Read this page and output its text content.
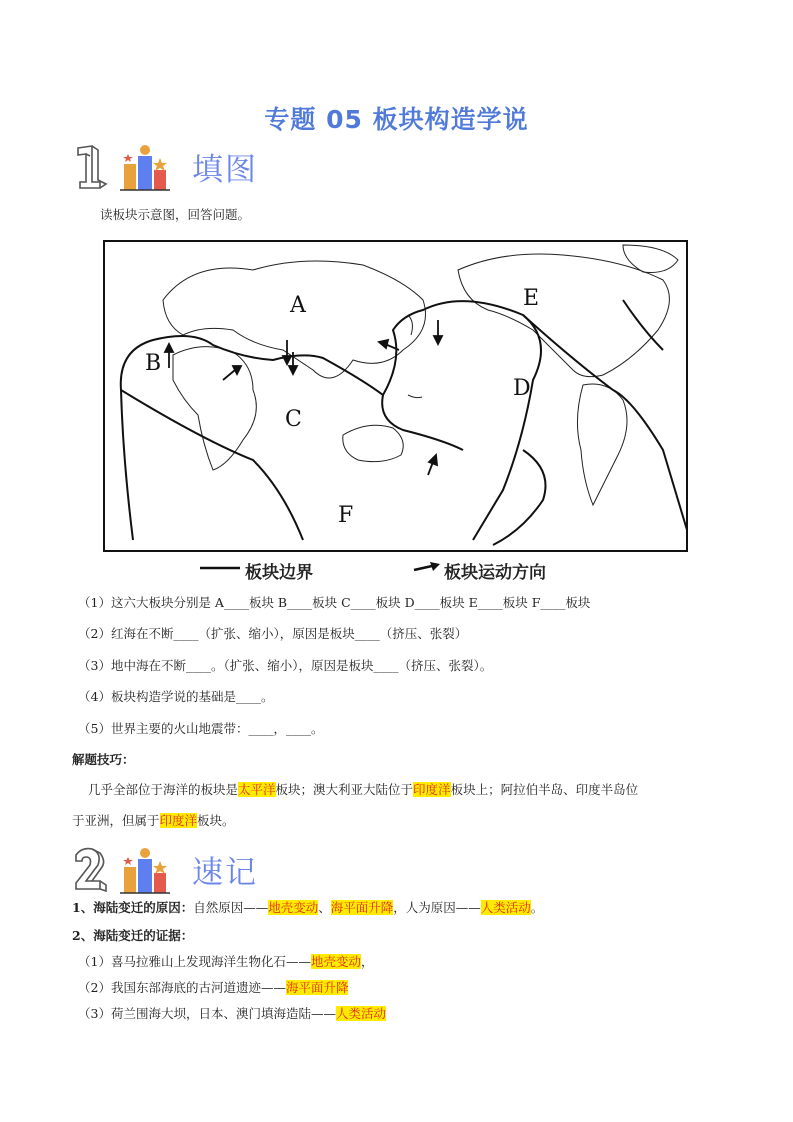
专题 05 板块构造学说
填图
读板块示意图，回答问题。
A
B
C
D
E
F
板块边界	板块运动方向
（1）这六大板块分别是 A____板块 B____板块 C____板块 D____板块 E____板块 F____板块
（2）红海在不断____（扩张、缩小），原因是板块____（挤压、张裂）
（3）地中海在不断____。（扩张、缩小），原因是板块____（挤压、张裂）。
（4）板块构造学说的基础是____。
（5）世界主要的火山地震带：____，____。
解题技巧：
几乎全部位于海洋的板块是太平洋板块；澳大利亚大陆位于印度洋板块上；阿拉伯半岛、印度半岛位
于亚洲，但属于印度洋板块。
速记
1、海陆变迁的原因：自然原因——地壳变动、海平面升降，人为原因——人类活动。
2、海陆变迁的证据：
（1）喜马拉雅山上发现海洋生物化石——地壳变动，
（2）我国东部海底的古河道遗迹——海平面升降
（3）荷兰围海大坝，日本、澳门填海造陆——人类活动
